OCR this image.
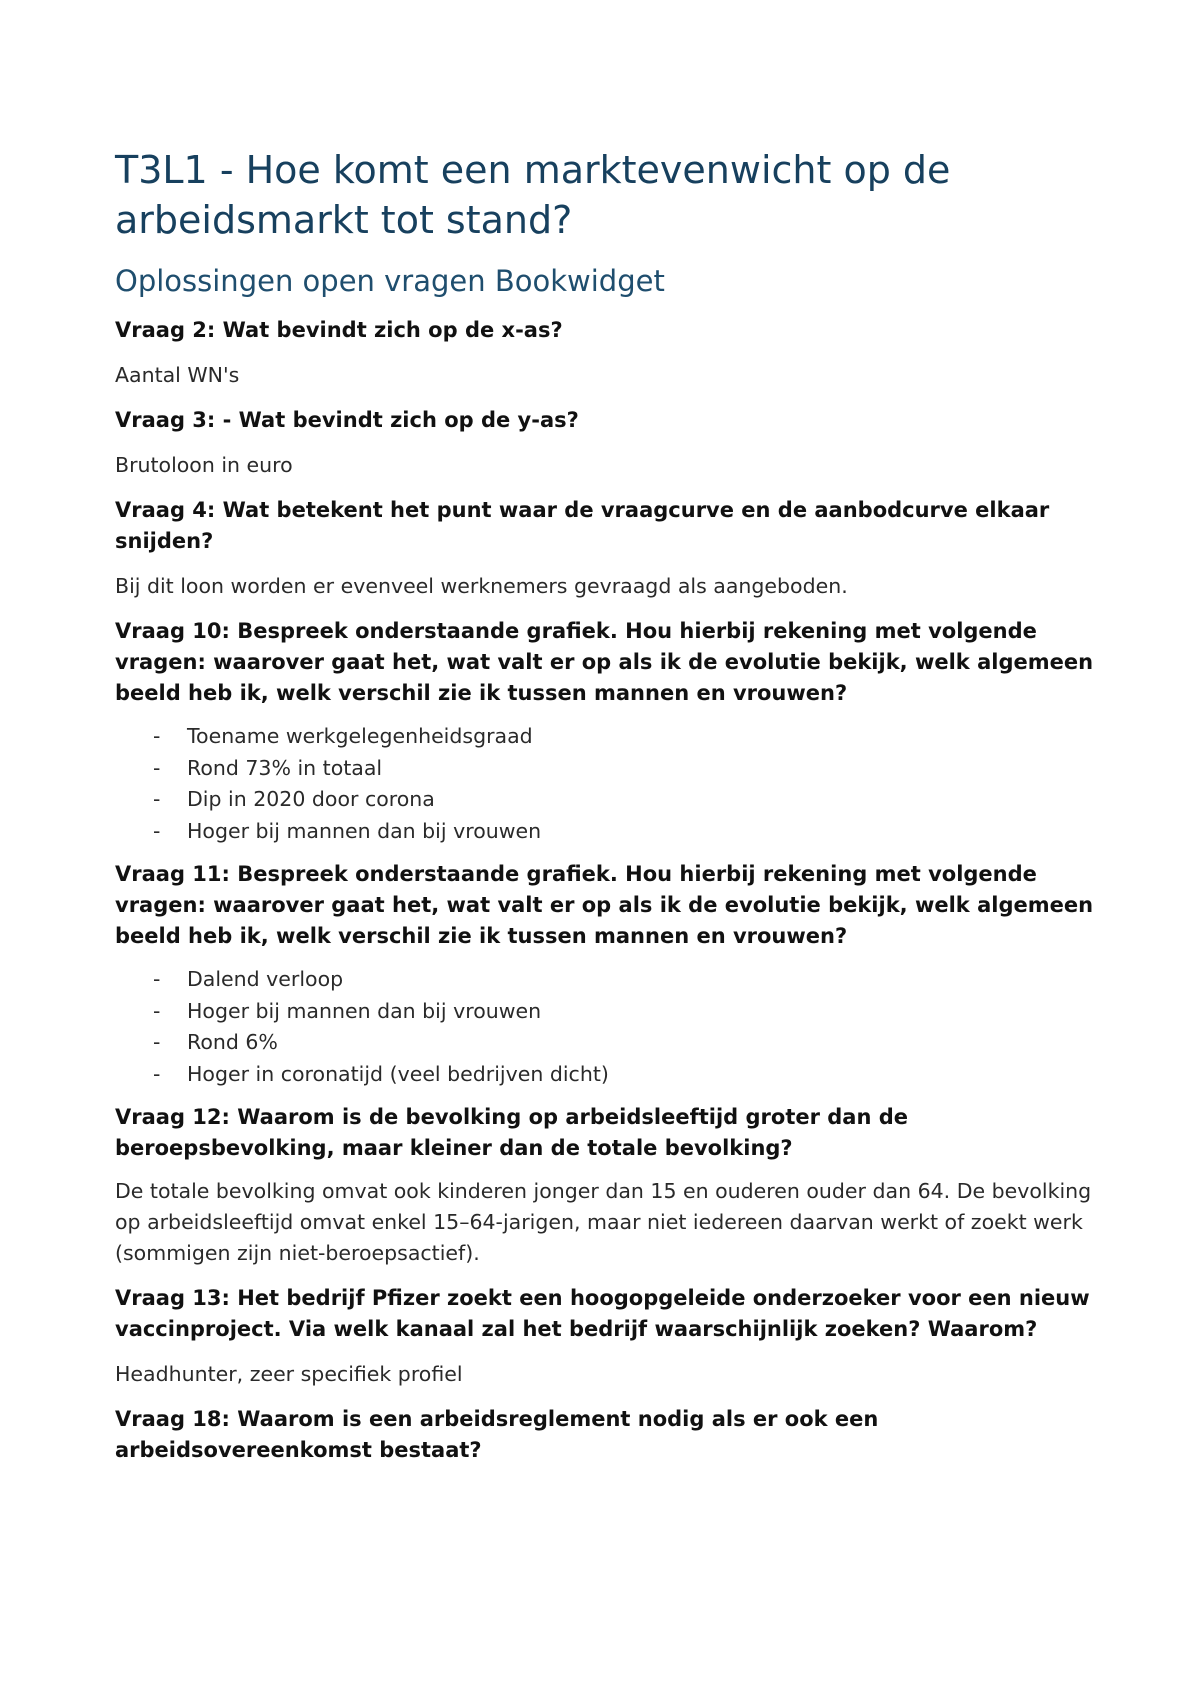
T3L1 - Hoe komt een marktevenwicht op de arbeidsmarkt tot stand?
Oplossingen open vragen Bookwidget

Vraag 2: Wat bevindt zich op de x-as?

Aantal WN's

Vraag 3: - Wat bevindt zich op de y-as?

Brutoloon in euro

Vraag 4: Wat betekent het punt waar de vraagcurve en de aanbodcurve elkaar snijden?

Bij dit loon worden er evenveel werknemers gevraagd als aangeboden.

Vraag 10: Bespreek onderstaande grafiek. Hou hierbij rekening met volgende vragen: waarover gaat het, wat valt er op als ik de evolutie bekijk, welk algemeen beeld heb ik, welk verschil zie ik tussen mannen en vrouwen?

- Toename werkgelegenheidsgraad
- Rond 73% in totaal
- Dip in 2020 door corona
- Hoger bij mannen dan bij vrouwen

Vraag 11: Bespreek onderstaande grafiek. Hou hierbij rekening met volgende vragen: waarover gaat het, wat valt er op als ik de evolutie bekijk, welk algemeen beeld heb ik, welk verschil zie ik tussen mannen en vrouwen?

- Dalend verloop
- Hoger bij mannen dan bij vrouwen
- Rond 6%
- Hoger in coronatijd (veel bedrijven dicht)

Vraag 12: Waarom is de bevolking op arbeidsleeftijd groter dan de beroepsbevolking, maar kleiner dan de totale bevolking?

De totale bevolking omvat ook kinderen jonger dan 15 en ouderen ouder dan 64. De bevolking op arbeidsleeftijd omvat enkel 15–64-jarigen, maar niet iedereen daarvan werkt of zoekt werk (sommigen zijn niet-beroepsactief).

Vraag 13: Het bedrijf Pfizer zoekt een hoogopgeleide onderzoeker voor een nieuw vaccinproject. Via welk kanaal zal het bedrijf waarschijnlijk zoeken? Waarom?

Headhunter, zeer specifiek profiel

Vraag 18: Waarom is een arbeidsreglement nodig als er ook een arbeidsovereenkomst bestaat?
